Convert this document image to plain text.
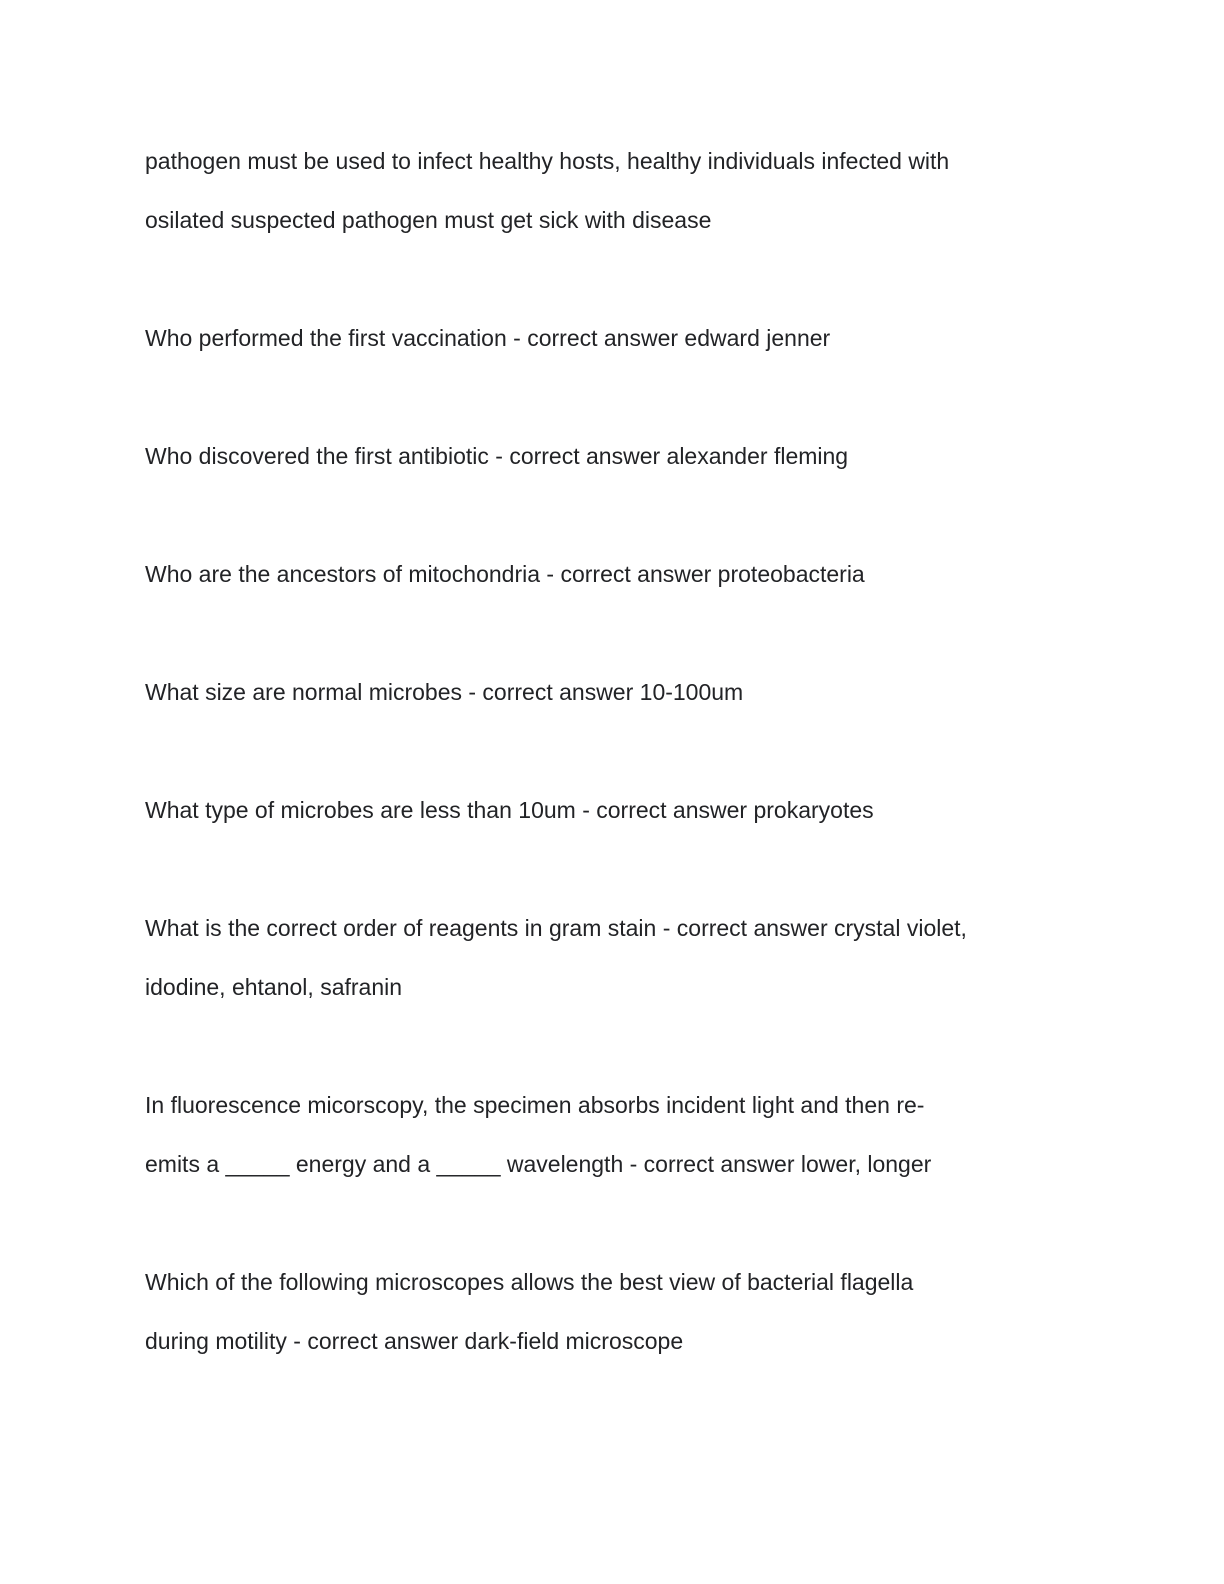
pathogen must be used to infect healthy hosts, healthy individuals infected with
osilated suspected pathogen must get sick with disease

Who performed the first vaccination - correct answer edward jenner

Who discovered the first antibiotic - correct answer alexander fleming

Who are the ancestors of mitochondria - correct answer proteobacteria

What size are normal microbes - correct answer 10-100um

What type of microbes are less than 10um - correct answer prokaryotes

What is the correct order of reagents in gram stain - correct answer crystal violet,
idodine, ehtanol, safranin

In fluorescence micorscopy, the specimen absorbs incident light and then re-
emits a _____ energy and a _____ wavelength - correct answer lower, longer

Which of the following microscopes allows the best view of bacterial flagella
during motility - correct answer dark-field microscope
